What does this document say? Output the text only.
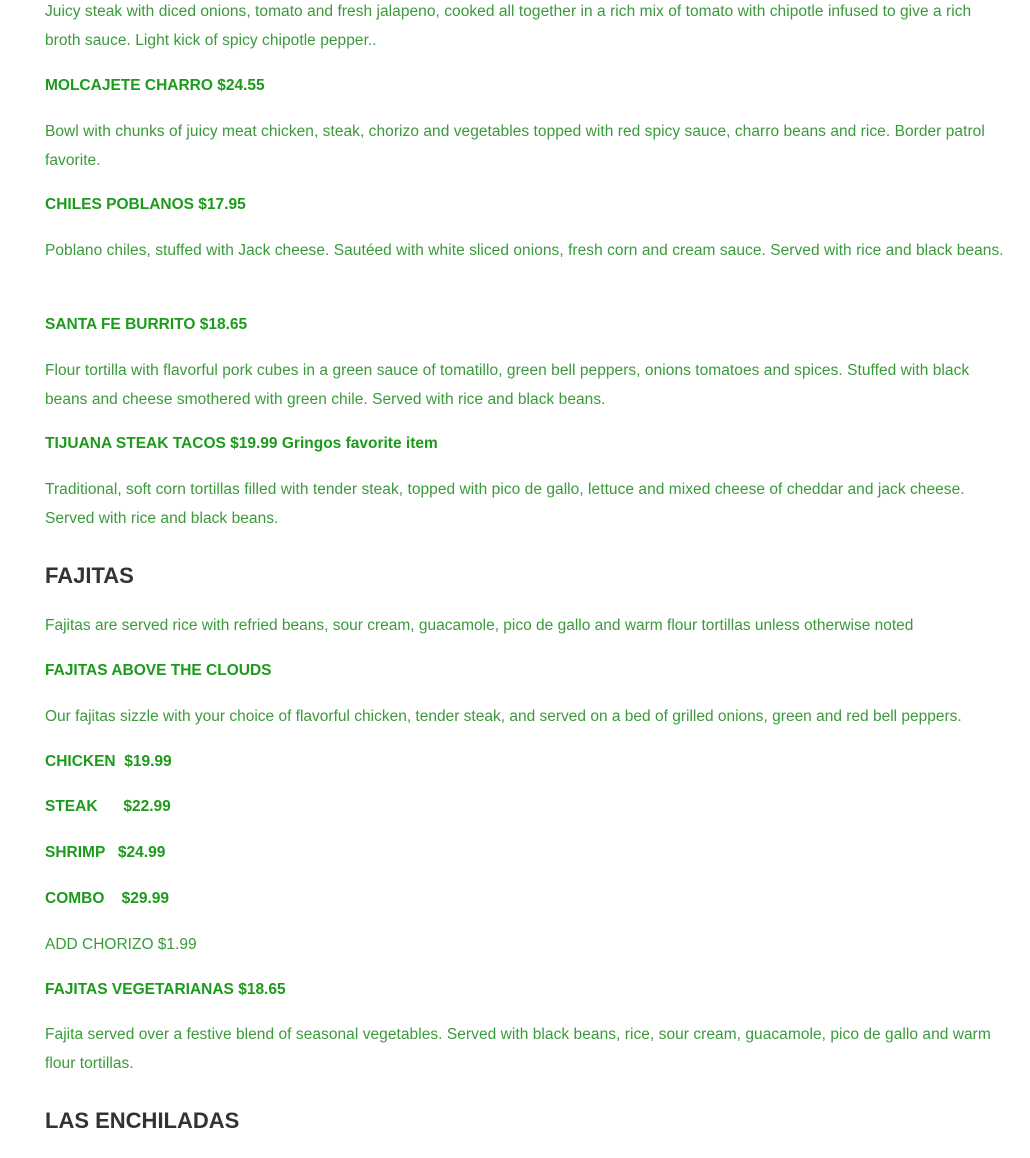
Juicy steak with diced onions, tomato and fresh jalapeno, cooked all together in a rich mix of tomato with chipotle infused to give a rich broth sauce. Light kick of spicy chipotle pepper..

MOLCAJETE CHARRO $24.55

Bowl with chunks of juicy meat chicken, steak, chorizo and vegetables topped with red spicy sauce, charro beans and rice. Border patrol favorite.

CHILES POBLANOS $17.95

Poblano chiles, stuffed with Jack cheese. Sautéed with white sliced onions, fresh corn and cream sauce. Served with rice and black beans.

SANTA FE BURRITO $18.65

Flour tortilla with flavorful pork cubes in a green sauce of tomatillo, green bell peppers, onions tomatoes and spices. Stuffed with black beans and cheese smothered with green chile. Served with rice and black beans.

TIJUANA STEAK TACOS $19.99 Gringos favorite item

Traditional, soft corn tortillas filled with tender steak, topped with pico de gallo, lettuce and mixed cheese of cheddar and jack cheese. Served with rice and black beans.

FAJITAS

Fajitas are served rice with refried beans, sour cream, guacamole, pico de gallo and warm flour tortillas unless otherwise noted

FAJITAS ABOVE THE CLOUDS

Our fajitas sizzle with your choice of flavorful chicken, tender steak, and served on a bed of grilled onions, green and red bell peppers.

CHICKEN  $19.99

STEAK      $22.99

SHRIMP   $24.99

COMBO    $29.99

ADD CHORIZO $1.99

FAJITAS VEGETARIANAS $18.65

Fajita served over a festive blend of seasonal vegetables. Served with black beans, rice, sour cream, guacamole, pico de gallo and warm flour tortillas.

LAS ENCHILADAS
